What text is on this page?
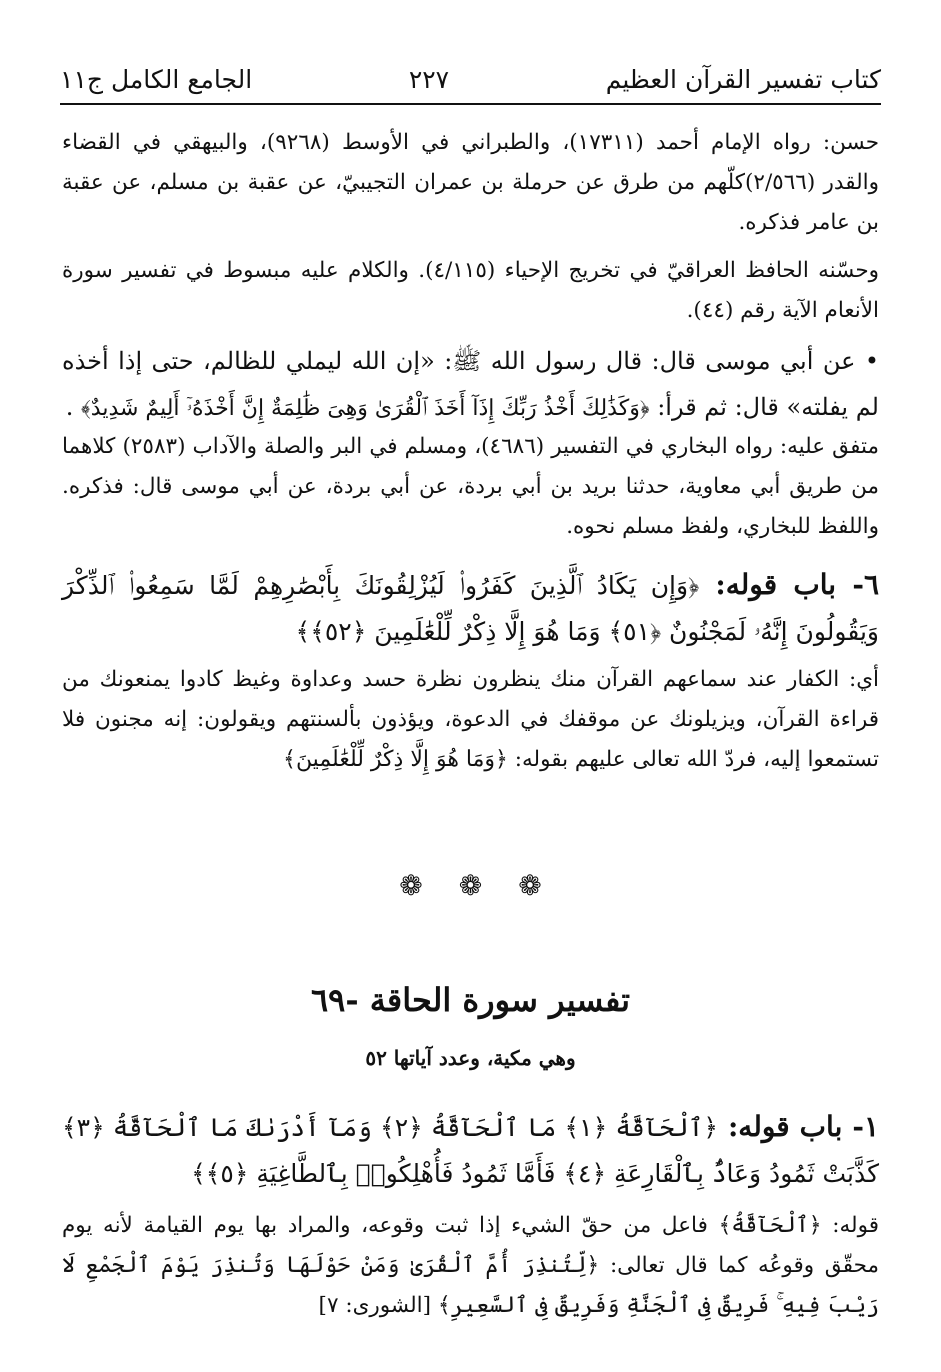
كتاب تفسير القرآن العظيم
٢٢٧
الجامع الكامل ج١١

حسن: رواه الإمام أحمد (١٧٣١١)، والطبراني في الأوسط (٩٢٦٨)، والبيهقي في القضاء والقدر (٢/٥٦٦)كلّهم من طرق عن حرملة بن عمران التجيبيّ، عن عقبة بن مسلم، عن عقبة بن عامر فذكره.

وحسّنه الحافظ العراقيّ في تخريج الإحياء (٤/١١٥). والكلام عليه مبسوط في تفسير سورة الأنعام الآية رقم (٤٤).

• عن أبي موسى قال: قال رسول الله ﷺ: «إن الله ليملي للظالم، حتى إذا أخذه لم يفلته» قال: ثم قرأ: ﴿وَكَذَٰلِكَ أَخْذُ رَبِّكَ إِذَآ أَخَذَ ٱلْقُرَىٰ وَهِىَ ظَٰلِمَةٌ إِنَّ أَخْذَهُۥٓ أَلِيمٌ شَدِيدٌ﴾ .

متفق عليه: رواه البخاري في التفسير (٤٦٨٦)، ومسلم في البر والصلة والآداب (٢٥٨٣) كلاهما من طريق أبي معاوية، حدثنا بريد بن أبي بردة، عن أبي بردة، عن أبي موسى قال: فذكره. واللفظ للبخاري، ولفظ مسلم نحوه.

٦- باب قوله: ﴿وَإِن يَكَادُ ٱلَّذِينَ كَفَرُوا۟ لَيُزْلِقُونَكَ بِأَبْصَٰرِهِمْ لَمَّا سَمِعُوا۟ ٱلذِّكْرَ وَيَقُولُونَ إِنَّهُۥ لَمَجْنُونٌ ﴿٥١﴾ وَمَا هُوَ إِلَّا ذِكْرٌ لِّلْعَٰلَمِينَ ﴿٥٢﴾﴾

أي: الكفار عند سماعهم القرآن منك ينظرون نظرة حسد وعداوة وغيظ كادوا يمنعونك من قراءة القرآن، ويزيلونك عن موقفك في الدعوة، ويؤذون بألسنتهم ويقولون: إنه مجنون فلا تستمعوا إليه، فردّ الله تعالى عليهم بقوله: ﴿وَمَا هُوَ إِلَّا ذِكْرٌ لِّلْعَٰلَمِينَ﴾

❁ ❁ ❁
تفسير سورة الحاقة -٦٩
وهي مكية، وعدد آياتها ٥٢

١- باب قوله: ﴿ٱلْحَآقَّةُ ﴿١﴾ مَا ٱلْحَآقَّةُ ﴿٢﴾ وَمَآ أَدْرَىٰكَ مَا ٱلْحَآقَّةُ ﴿٣﴾ كَذَّبَتْ ثَمُودُ وَعَادٌۢ بِٱلْقَارِعَةِ ﴿٤﴾ فَأَمَّا ثَمُودُ فَأُهْلِكُوا۟ بِٱلطَّاغِيَةِ ﴿٥﴾﴾

قوله: ﴿ٱلْحَآقَّةُ﴾ فاعل من حقّ الشيء إذا ثبت وقوعه، والمراد بها يوم القيامة لأنه يوم محقّق وقوعُه كما قال تعالى: ﴿لِّتُنذِرَ أُمَّ ٱلْقُرَىٰ وَمَنْ حَوْلَهَا وَتُنذِرَ يَوْمَ ٱلْجَمْعِ لَا رَيْبَ فِيهِ ۚ فَرِيقٌ فِى ٱلْجَنَّةِ وَفَرِيقٌ فِى ٱلسَّعِيرِ﴾ [الشورى: ٧]
